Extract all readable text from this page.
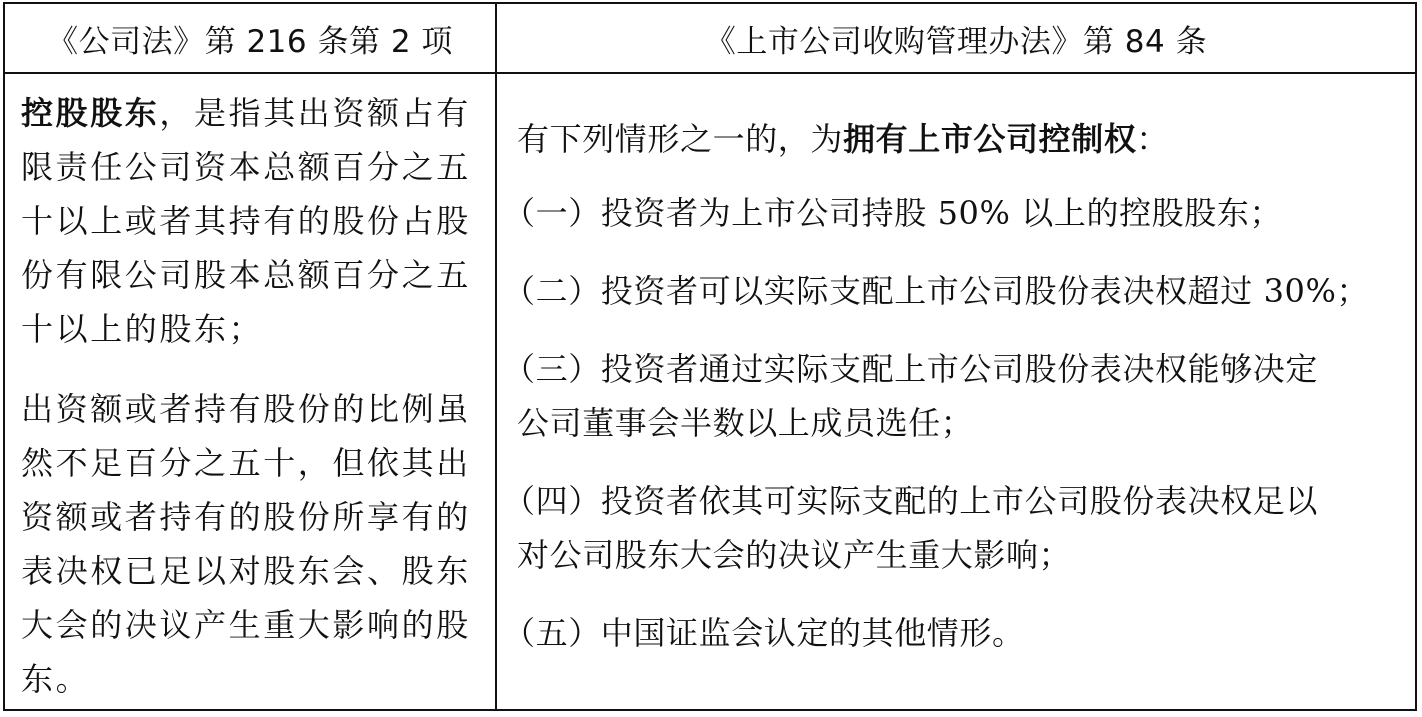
《公司法》第 216 条第 2 项	《上市公司收购管理办法》第 84 条

控股股东，是指其出资额占有限责任公司资本总额百分之五十以上或者其持有的股份占股份有限公司股本总额百分之五十以上的股东；

出资额或者持有股份的比例虽然不足百分之五十，但依其出资额或者持有的股份所享有的表决权已足以对股东会、股东大会的决议产生重大影响的股东。

有下列情形之一的，为拥有上市公司控制权：

（一）投资者为上市公司持股 50% 以上的控股股东；

（二）投资者可以实际支配上市公司股份表决权超过 30%；

（三）投资者通过实际支配上市公司股份表决权能够决定
公司董事会半数以上成员选任；

（四）投资者依其可实际支配的上市公司股份表决权足以
对公司股东大会的决议产生重大影响；

（五）中国证监会认定的其他情形。
